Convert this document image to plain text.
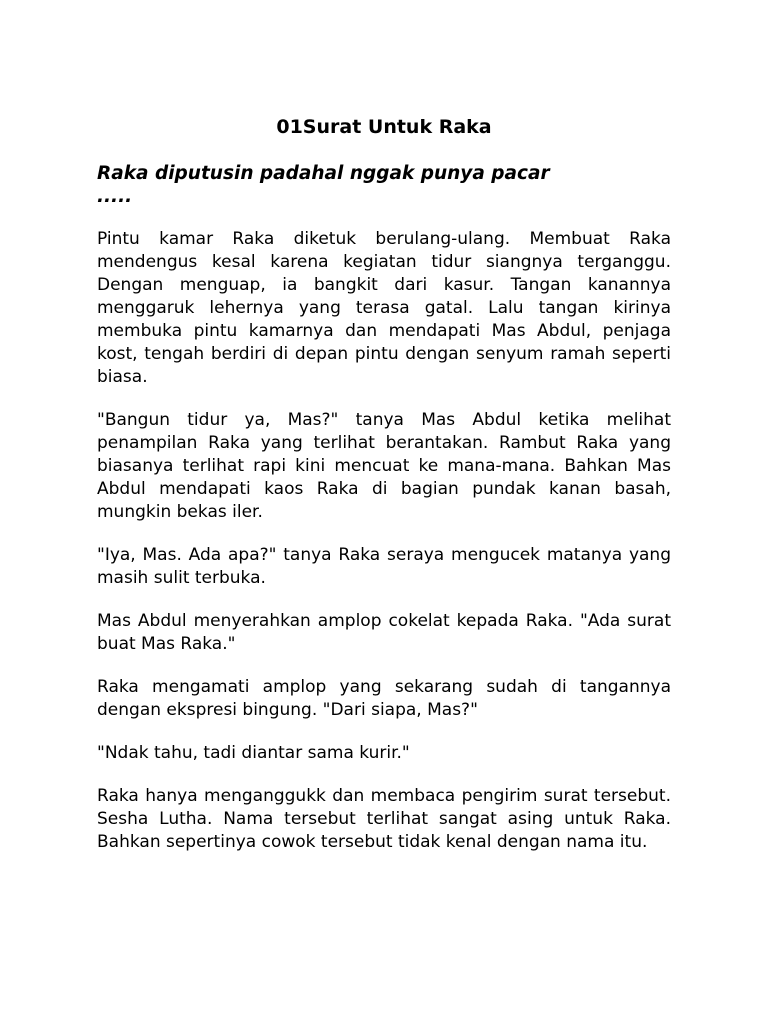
01Surat Untuk Raka

Raka diputusin padahal nggak punya pacar
.....

Pintu kamar Raka diketuk berulang-ulang. Membuat Raka mendengus kesal karena kegiatan tidur siangnya terganggu. Dengan menguap, ia bangkit dari kasur. Tangan kanannya menggaruk lehernya yang terasa gatal. Lalu tangan kirinya membuka pintu kamarnya dan mendapati Mas Abdul, penjaga kost, tengah berdiri di depan pintu dengan senyum ramah seperti biasa.

"Bangun tidur ya, Mas?" tanya Mas Abdul ketika melihat penampilan Raka yang terlihat berantakan. Rambut Raka yang biasanya terlihat rapi kini mencuat ke mana-mana. Bahkan Mas Abdul mendapati kaos Raka di bagian pundak kanan basah, mungkin bekas iler.

"Iya, Mas. Ada apa?" tanya Raka seraya mengucek matanya yang masih sulit terbuka.

Mas Abdul menyerahkan amplop cokelat kepada Raka. "Ada surat buat Mas Raka."

Raka mengamati amplop yang sekarang sudah di tangannya dengan ekspresi bingung. "Dari siapa, Mas?"

"Ndak tahu, tadi diantar sama kurir."

Raka hanya menganggukk dan membaca pengirim surat tersebut. Sesha Lutha. Nama tersebut terlihat sangat asing untuk Raka. Bahkan sepertinya cowok tersebut tidak kenal dengan nama itu.
